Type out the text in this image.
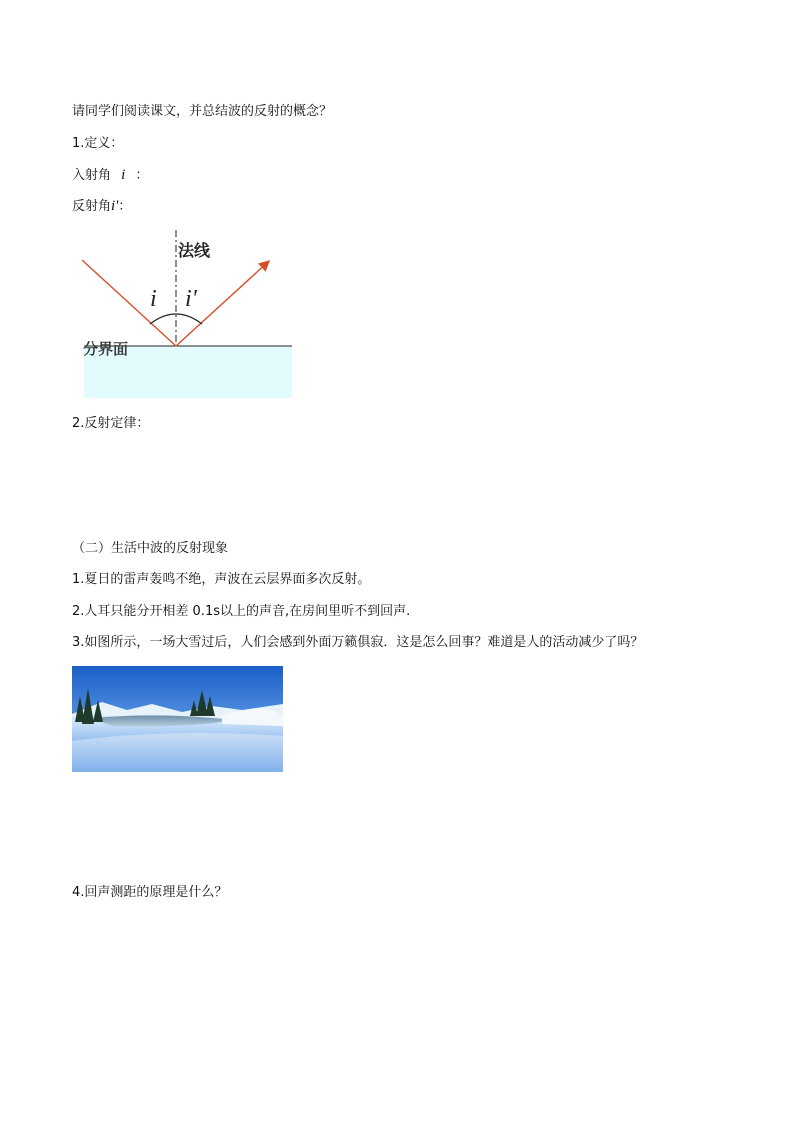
请同学们阅读课文，并总结波的反射的概念？
1.定义：
入射角 i ：
反射角i'：
法线
i i'
分界面
2.反射定律：
（二）生活中波的反射现象
1.夏日的雷声轰鸣不绝，声波在云层界面多次反射。
2.人耳只能分开相差 0.1s以上的声音,在房间里听不到回声.
3.如图所示，一场大雪过后，人们会感到外面万籁俱寂．这是怎么回事？难道是人的活动减少了吗？
4.回声测距的原理是什么？
